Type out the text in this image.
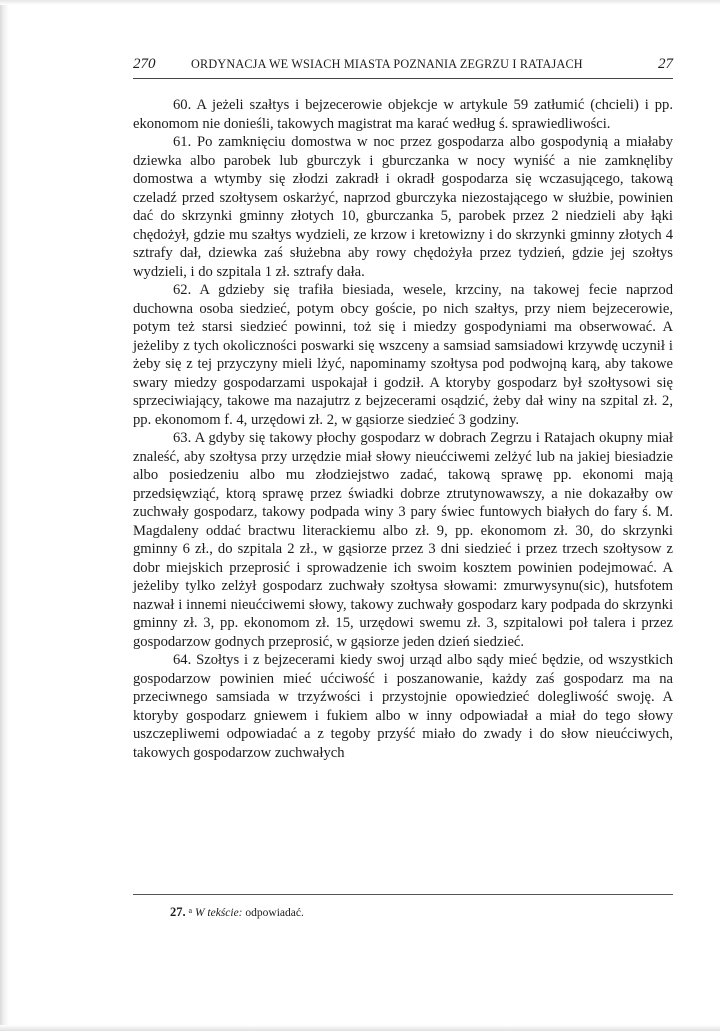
270	ORDYNACJA WE WSIACH MIASTA POZNANIA ZEGRZU I RATAJACH	27

60. A jeżeli szałtys i bejzecerowie objekcje w artykule 59 zatłumić (chcieli) i pp. ekonomom nie donieśli, takowych magistrat ma karać według ś. sprawiedliwości.

61. Po zamknięciu domostwa w noc przez gospodarza albo gospodynią a miałaby dziewka albo parobek lub gburczyk i gburczanka w nocy wyniść a nie zamknęliby domostwa a wtymby się złodzi zakradł i okradł gospodarza się wczasującego, takową czeladź przed szołtysem oskarżyć, naprzod gburczyka niezostającego w służbie, powinien dać do skrzynki gminny złotych 10, gburczanka 5, parobek przez 2 niedzieli aby łąki chędożył, gdzie mu szałtys wydzieli, ze krzow i kretowizny i do skrzynki gminny złotych 4 sztrafy dał, dziewka zaś służebna aby rowy chędożyła przez tydzień, gdzie jej szołtys wydzieli, i do szpitala 1 zł. sztrafy dała.

62. A gdzieby się trafiła biesiada, wesele, krzciny, na takowej fecie naprzod duchowna osoba siedzieć, potym obcy goście, po nich szałtys, przy niem bejzecerowie, potym też starsi siedzieć powinni, toż się i miedzy gospodyniami ma obserwować. A jeżeliby z tych okoliczności poswarki się wszceny a samsiad samsiadowi krzywdę uczynił i żeby się z tej przyczyny mieli lżyć, napominamy szołtysa pod podwojną karą, aby takowe swary miedzy gospodarzami uspokajał i godził. A ktoryby gospodarz był szołtysowi się sprzeciwiający, takowe ma nazajutrz z bejzecerami osądzić, żeby dał winy na szpital zł. 2, pp. ekonomom f. 4, urzędowi zł. 2, w gąsiorze siedzieć 3 godziny.

63. A gdyby się takowy płochy gospodarz w dobrach Zegrzu i Ratajach okupny miał znaleść, aby szołtysa przy urzędzie miał słowy nieućciwemi zelżyć lub na jakiej biesiadzie albo posiedzeniu albo mu złodziejstwo zadać, takową sprawę pp. ekonomi mają przedsięwziąć, ktorą sprawę przez świadki dobrze ztrutynowawszy, a nie dokazałby ow zuchwały gospodarz, takowy podpada winy 3 pary świec funtowych białych do fary ś. M. Magdaleny oddać bractwu literackiemu albo zł. 9, pp. ekonomom zł. 30, do skrzynki gminny 6 zł., do szpitala 2 zł., w gąsiorze przez 3 dni siedzieć i przez trzech szołtysow z dobr miejskich przeprosić i sprowadzenie ich swoim kosztem powinien podejmować. A jeżeliby tylko zelżył gospodarz zuchwały szołtysa słowami: zmurwysynu(sic), hutsfotem nazwał i innemi nieućciwemi słowy, takowy zuchwały gospodarz kary podpada do skrzynki gminny zł. 3, pp. ekonomom zł. 15, urzędowi swemu zł. 3, szpitalowi poł talera i przez gospodarzow godnych przeprosić, w gąsiorze jeden dzień siedzieć.

64. Szołtys i z bejzecerami kiedy swoj urząd albo sądy mieć będzie, od wszystkich gospodarzow powinien mieć ućciwość i poszanowanie, każdy zaś gospodarz ma na przeciwnego samsiada w trzyźwości i przystojnie opowiedzieć dolegliwość swoję. A ktoryby gospodarz gniewem i fukiem albo w inny odpowiadał a miał do tego słowy uszczepliwemi odpowiadać a z tegoby przyść miało do zwady i do słow nieućciwych, takowych gospodarzow zuchwałych

27. $^a$ W tekście: odpowiadać.
